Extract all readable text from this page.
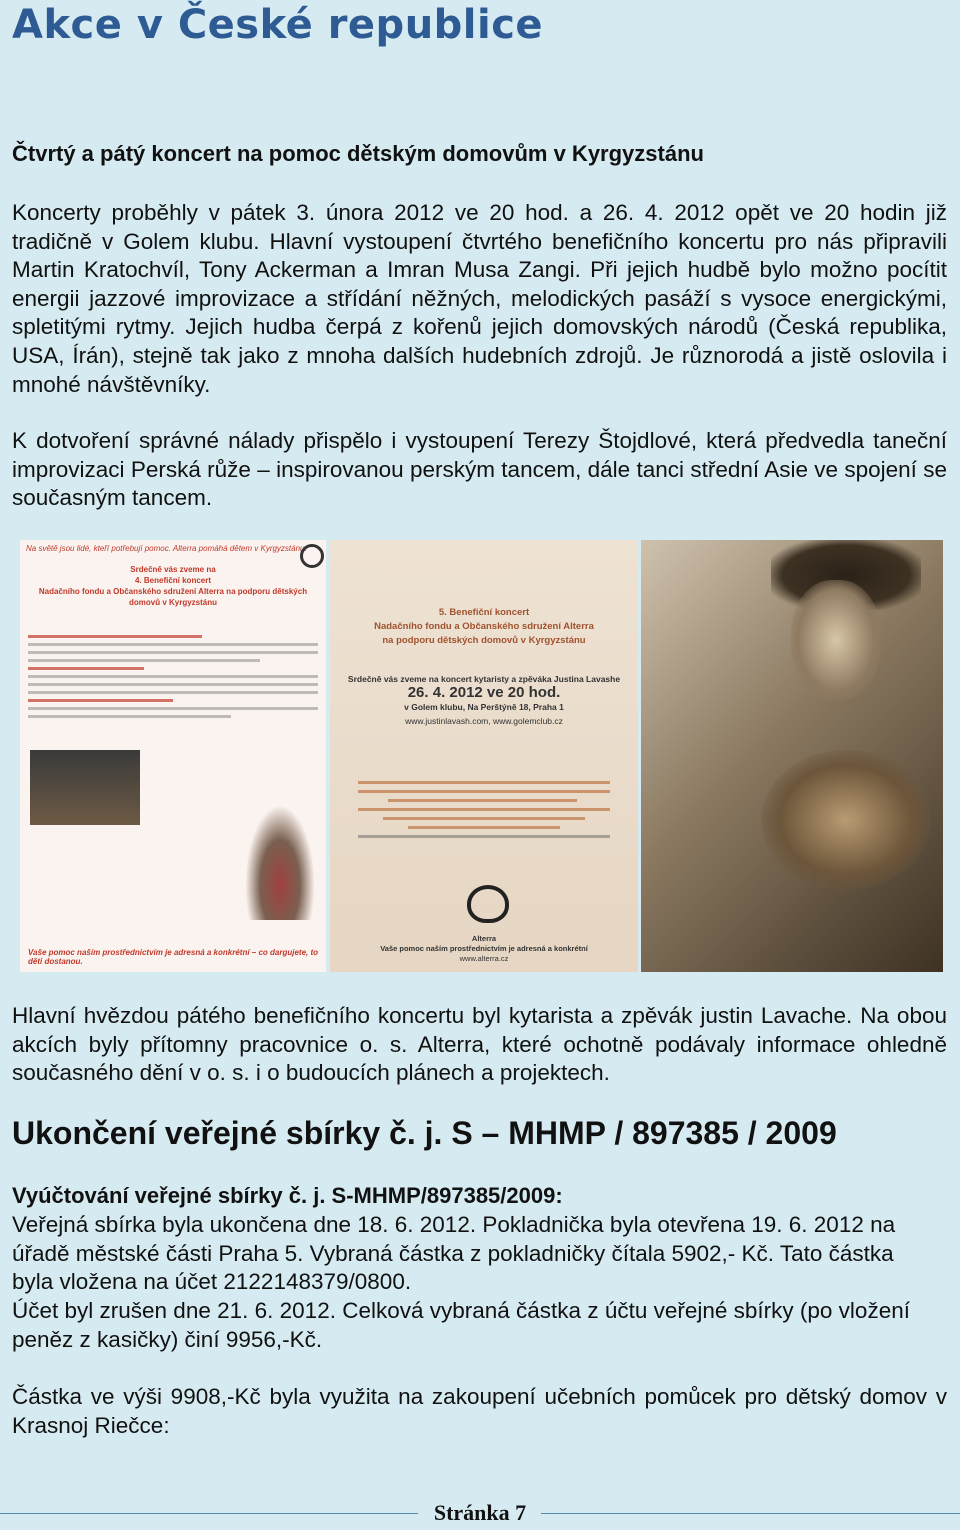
Akce v České republice
Čtvrtý a pátý koncert na pomoc dětským domovům v Kyrgyzstánu

Koncerty proběhly v pátek 3. února 2012 ve 20 hod. a 26. 4. 2012 opět ve 20 hodin již tradičně v Golem klubu. Hlavní vystoupení čtvrtého benefičního koncertu pro nás připravili Martin Kratochvíl, Tony Ackerman a Imran Musa Zangi. Při jejich hudbě bylo možno pocítit energii jazzové improvizace a střídání něžných, melodických pasáží s vysoce energickými, spletitými rytmy. Jejich hudba čerpá z kořenů jejich domovských národů (Česká republika, USA, Írán), stejně tak jako z mnoha dalších hudebních zdrojů. Je různorodá a jistě oslovila i mnohé návštěvníky.

K dotvoření správné nálady přispělo i vystoupení Terezy Štojdlové, která předvedla taneční improvizaci Perská růže – inspirovanou perským tancem, dále tanci střední Asie ve spojení se současným tancem.

Na světě jsou lidé, kteří potřebují pomoc. Alterra pomáhá dětem v Kyrgyzstánu.
Srdečně vás zveme na
4. Benefiční koncert
Nadačního fondu a Občanského sdružení Alterra na podporu dětských domovů v Kyrgyzstánu
Vaše pomoc naším prostřednictvím je adresná a konkrétní – co dargujete, to děti dostanou.
5. Benefiční koncert
Nadačního fondu a Občanského sdružení Alterra
na podporu dětských domovů v Kyrgyzstánu
Srdečně vás zveme na koncert kytaristy a zpěváka Justina Lavashe
26. 4. 2012 ve 20 hod.
v Golem klubu, Na Perštýně 18, Praha 1
www.justinlavash.com, www.golemclub.cz
Alterra
Vaše pomoc naším prostřednictvím je adresná a konkrétní
www.alterra.cz

Hlavní hvězdou pátého benefičního koncertu byl kytarista a zpěvák justin Lavache. Na obou akcích byly přítomny pracovnice o. s. Alterra, které ochotně podávaly informace ohledně současného dění v o. s. i o budoucích plánech a projektech.

Ukončení veřejné sbírky č. j. S – MHMP / 897385 / 2009
Vyúčtování veřejné sbírky č. j. S-MHMP/897385/2009:

Veřejná sbírka byla ukončena dne 18. 6. 2012. Pokladnička byla otevřena 19. 6. 2012 na úřadě městské části Praha 5. Vybraná částka z pokladničky čítala 5902,- Kč. Tato částka byla vložena na účet 2122148379/0800.

Účet byl zrušen dne 21. 6. 2012. Celková vybraná částka z účtu veřejné sbírky (po vložení peněz z kasičky) činí 9956,-Kč.

Částka ve výši 9908,-Kč byla využita na zakoupení učebních pomůcek pro dětský domov v Krasnoj Riečce:

Stránka 7
